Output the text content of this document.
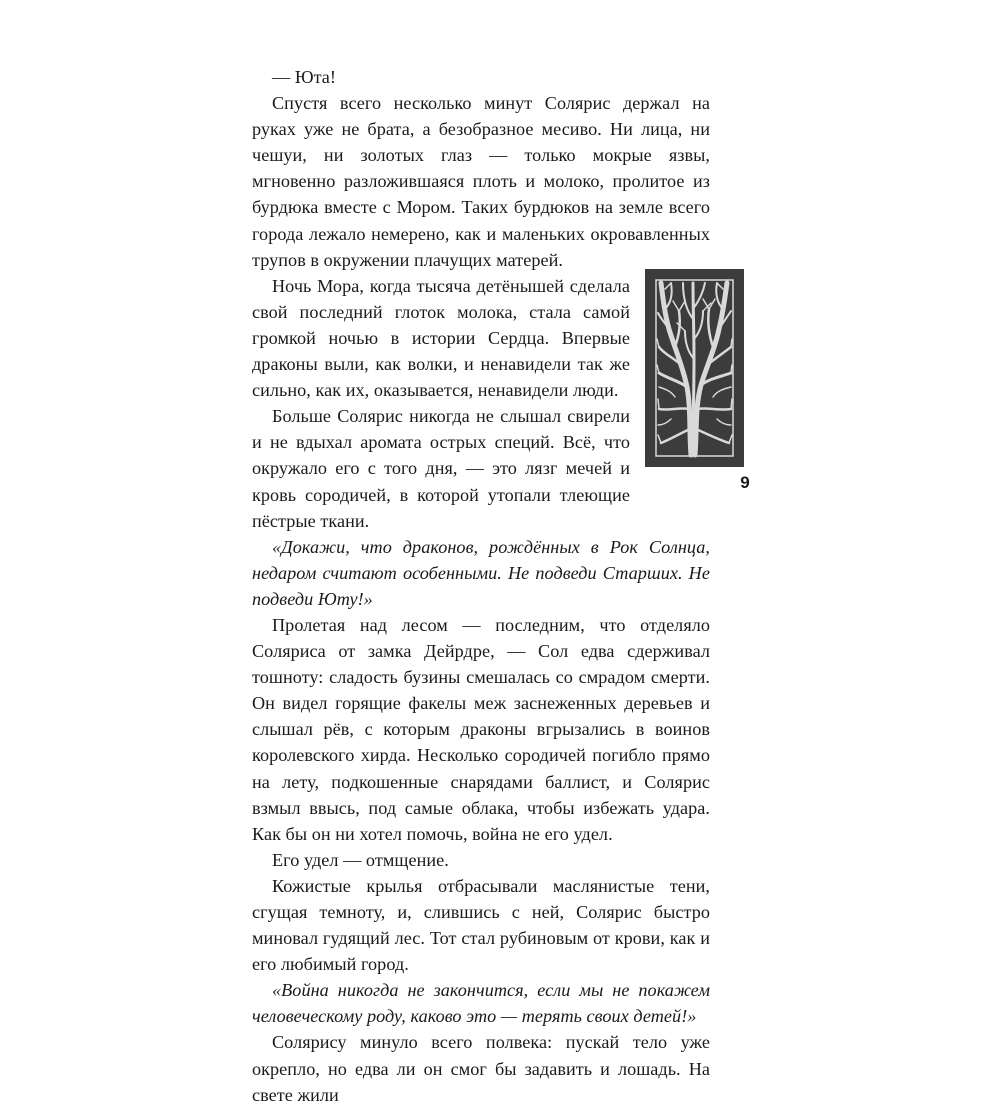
— Юта!

Спустя всего несколько минут Солярис держал на руках уже не брата, а безобразное месиво. Ни лица, ни чешуи, ни золотых глаз — только мокрые язвы, мгновенно разложившаяся плоть и молоко, пролитое из бурдюка вместе с Мором. Таких бурдюков на земле всего города лежало немерено, как и маленьких окровавленных трупов в окружении плачущих матерей.

Ночь Мора, когда тысяча детёнышей сделала свой последний глоток молока, стала самой громкой ночью в истории Сердца. Впервые драконы выли, как волки, и ненавидели так же сильно, как их, оказывается, ненавидели люди.

Больше Солярис никогда не слышал свирели и не вдыхал аромата острых специй. Всё, что окружало его с того дня, — это лязг мечей и кровь сородичей, в которой утопали тлеющие пёстрые ткани.

«Докажи, что драконов, рождённых в Рок Солнца, недаром считают особенными. Не подведи Старших. Не подведи Юту!»

Пролетая над лесом — последним, что отделяло Солярисa от замка Дейрдре, — Сол едва сдерживал тошноту: сладость бузины смешалась со смрадом смерти. Он видел горящие факелы меж заснеженных деревьев и слышал рёв, с которым драконы вгрызались в воинов королевского хирда. Несколько сородичей погибло прямо на лету, подкошенные снарядами баллист, и Солярис взмыл ввысь, под самые облака, чтобы избежать удара. Как бы он ни хотел помочь, война не его удел.

Его удел — отмщение.

Кожистые крылья отбрасывали маслянистые тени, сгущая темноту, и, слившись с ней, Солярис быстро миновал гудящий лес. Тот стал рубиновым от крови, как и его любимый город.

«Война никогда не закончится, если мы не покажем человеческому роду, каково это — терять своих детей!»

Солярису минуло всего полвека: пускай тело уже окрепло, но едва ли он смог бы задавить и лошадь. На свете жили

9
